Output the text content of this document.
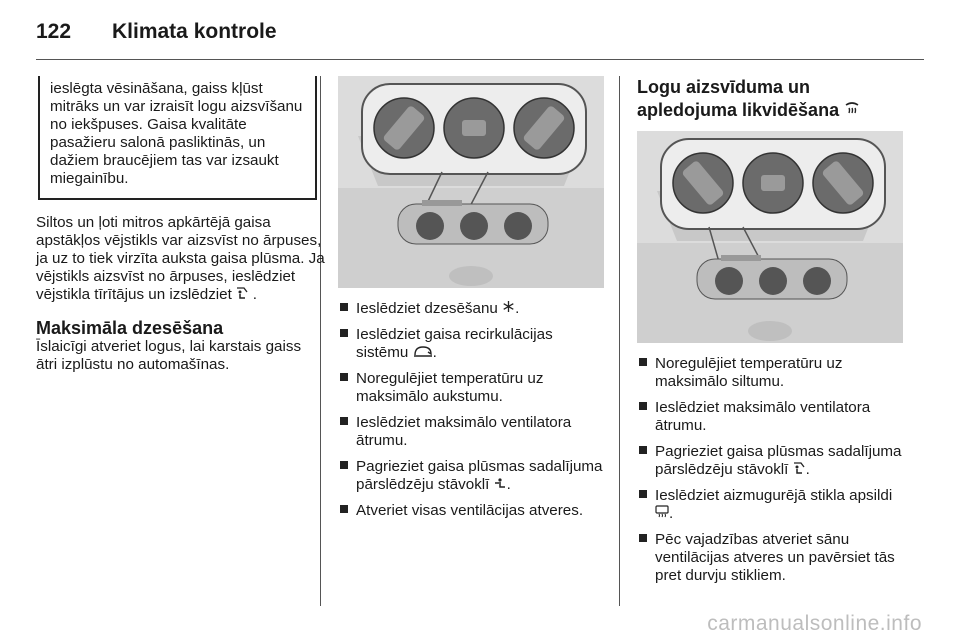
122 Klimata kontrole

ieslēgta vēsināšana, gaiss kļūst mitrāks un var izraisīt logu aizsvīšanu no iekšpuses. Gaisa kvalitāte pasažieru salonā pasliktinās, un dažiem braucējiem tas var izsaukt miegainību.

Siltos un ļoti mitros apkārtējā gaisa apstākļos vējstikls var aizsvīst no ārpuses, ja uz to tiek virzīta auksta gaisa plūsma. Ja vējstikls aizsvīst no ārpuses, ieslēdziet vējstikla tīrītājus un izslēdziet .

Maksimāla dzesēšana

Īslaicīgi atveriet logus, lai karstais gaiss ātri izplūstu no automašīnas.

Ieslēdziet dzesēšanu .
Ieslēdziet gaisa recirkulācijas sistēmu .
Noregulējiet temperatūru uz maksimālo aukstumu.
Ieslēdziet maksimālo ventilatora ātrumu.
Pagrieziet gaisa plūsmas sadalījuma pārslēdzēju stāvoklī .
Atveriet visas ventilācijas atveres.
Logu aizsvīduma un apledojuma likvidēšana
Noregulējiet temperatūru uz maksimālo siltumu.
Ieslēdziet maksimālo ventilatora ātrumu.
Pagrieziet gaisa plūsmas sadalījuma pārslēdzēju stāvoklī .
Ieslēdziet aizmugurējā stikla apsildi .
Pēc vajadzības atveriet sānu ventilācijas atveres un pavērsiet tās pret durvju stikliem.
carmanualsonline.info
